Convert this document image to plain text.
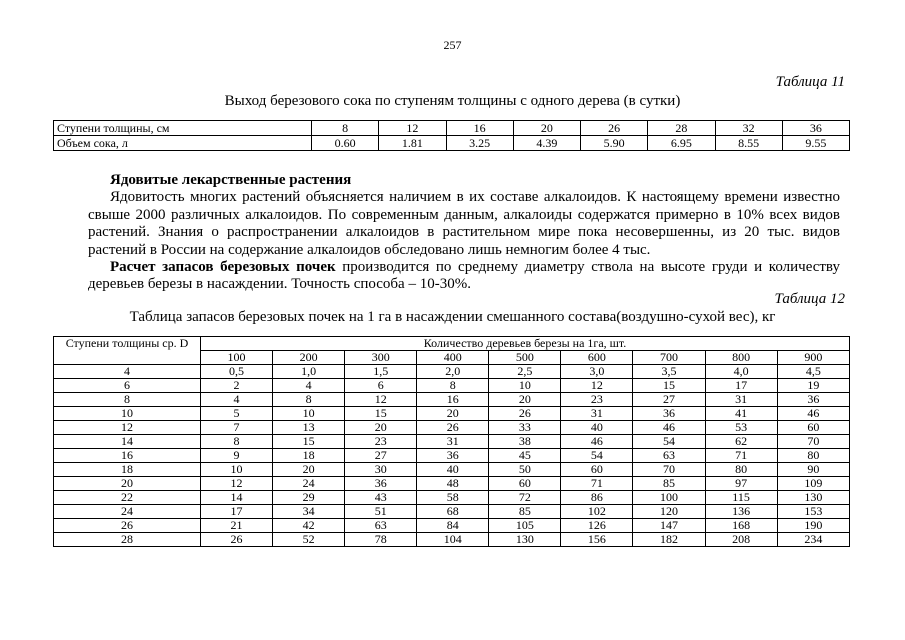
257
Таблица 11
Выход березового сока по ступеням толщины с одного дерева (в сутки)
Ступени толщины, см	8	12	16	20	26	28	32	36
Объем сока, л	0.60	1.81	3.25	4.39	5.90	6.95	8.55	9.55

Ядовитые лекарственные растения

Ядовитость многих растений объясняется наличием в их составе алкалоидов. К настоящему времени известно свыше 2000 различных алкалоидов. По современным данным, алкалоиды содержатся примерно в 10% всех видов растений. Знания о распространении алкалоидов в растительном мире пока несовершенны, из 20 тыс. видов растений в России на содержание алкалоидов обследовано лишь немногим более 4 тыс.

Расчет запасов березовых почек производится по среднему диаметру ствола на высоте груди и количеству деревьев березы в насаждении. Точность способа – 10-30%.

Таблица 12
Таблица запасов березовых почек на 1 га в насаждении смешанного состава(воздушно-сухой вес), кг
Ступени толщины ср. D	Количество деревьев березы на 1га, шт.								
	100	200	300	400	500	600	700	800	900
4	0,5	1,0	1,5	2,0	2,5	3,0	3,5	4,0	4,5
6	2	4	6	8	10	12	15	17	19
8	4	8	12	16	20	23	27	31	36
10	5	10	15	20	26	31	36	41	46
12	7	13	20	26	33	40	46	53	60
14	8	15	23	31	38	46	54	62	70
16	9	18	27	36	45	54	63	71	80
18	10	20	30	40	50	60	70	80	90
20	12	24	36	48	60	71	85	97	109
22	14	29	43	58	72	86	100	115	130
24	17	34	51	68	85	102	120	136	153
26	21	42	63	84	105	126	147	168	190
28	26	52	78	104	130	156	182	208	234
